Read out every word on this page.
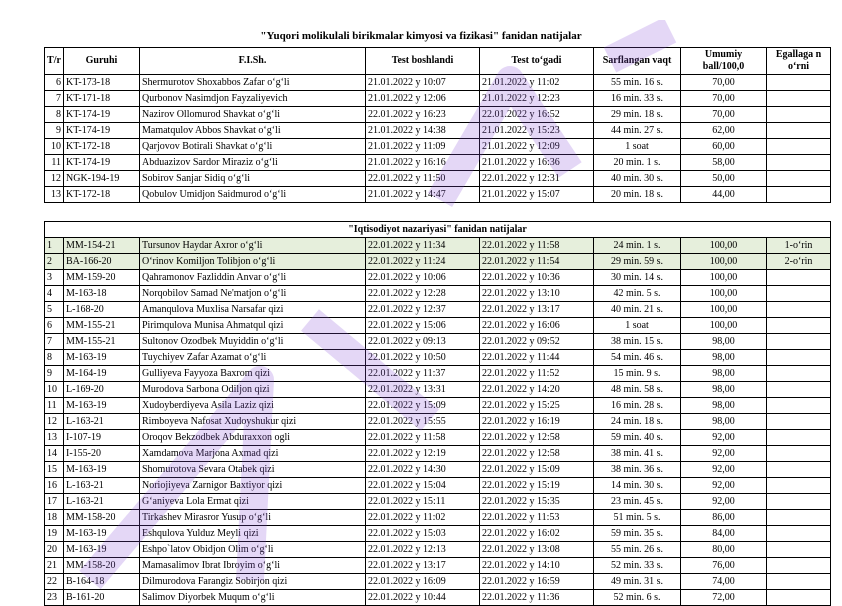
"Yuqori molikulali birikmalar kimyosi va fizikasi" fanidan natijalar
T/r	Guruhi	F.I.Sh.	Test boshlandi	Test to‘gadi	Sarflangan vaqt	Umumiy ball/100,0	Egallaga n o‘rni
6	KT-173-18	Shermurotov Shoxabbos Zafar o‘g‘li	21.01.2022 y 10:07	21.01.2022 y 11:02	55 min. 16 s.	70,00	
7	KT-171-18	Qurbonov Nasimdjon Fayzaliyevich	21.01.2022 y 12:06	21.01.2022 y 12:23	16 min. 33 s.	70,00	
8	KT-174-19	Nazirov Ollomurod Shavkat o‘g‘li	22.01.2022 y 16:23	22.01.2022 y 16:52	29 min. 18 s.	70,00	
9	KT-174-19	Mamatqulov Abbos Shavkat o‘g‘li	21.01.2022 y 14:38	21.01.2022 y 15:23	44 min. 27 s.	62,00	
10	KT-172-18	Qarjovov Botirali Shavkat o‘g‘li	21.01.2022 y 11:09	21.01.2022 y 12:09	1 soat	60,00	
11	KT-174-19	Abduazizov Sardor Miraziz o‘g‘li	21.01.2022 y 16:16	21.01.2022 y 16:36	20 min. 1 s.	58,00	
12	NGK-194-19	Sobirov Sanjar Sidiq o‘g‘li	22.01.2022 y 11:50	22.01.2022 y 12:31	40 min. 30 s.	50,00	
13	KT-172-18	Qobulov Umidjon Saidmurod o‘g‘li	21.01.2022 y 14:47	21.01.2022 y 15:07	20 min. 18 s.	44,00	
"Iqtisodiyot nazariyasi" fanidan natijalar							
1	MM-154-21	Tursunov Haydar Axror o‘g‘li	22.01.2022 y 11:34	22.01.2022 y 11:58	24 min. 1 s.	100,00	1-o‘rin
2	BA-166-20	O‘rinov Komiljon Tolibjon o‘g‘li	22.01.2022 y 11:24	22.01.2022 y 11:54	29 min. 59 s.	100,00	2-o‘rin
3	MM-159-20	Qahramonov Fazliddin Anvar o‘g‘li	22.01.2022 y 10:06	22.01.2022 y 10:36	30 min. 14 s.	100,00	
4	M-163-18	Norqobilov Samad Ne'matjon o‘g‘li	22.01.2022 y 12:28	22.01.2022 y 13:10	42 min. 5 s.	100,00	
5	L-168-20	Amanqulova Muxlisa Narsafar qizi	22.01.2022 y 12:37	22.01.2022 y 13:17	40 min. 21 s.	100,00	
6	MM-155-21	Pirimqulova Munisa Ahmatqul qizi	22.01.2022 y 15:06	22.01.2022 y 16:06	1 soat	100,00	
7	MM-155-21	Sultonov Ozodbek Muyiddin o‘g‘li	22.01.2022 y 09:13	22.01.2022 y 09:52	38 min. 15 s.	98,00	
8	M-163-19	Tuychiyev Zafar Azamat o‘g‘li	22.01.2022 y 10:50	22.01.2022 y 11:44	54 min. 46 s.	98,00	
9	M-164-19	Gulliyeva Fayyoza Baxrom qizi	22.01.2022 y 11:37	22.01.2022 y 11:52	15 min. 9 s.	98,00	
10	L-169-20	Murodova Sarbona Odiljon qizi	22.01.2022 y 13:31	22.01.2022 y 14:20	48 min. 58 s.	98,00	
11	M-163-19	Xudoyberdiyeva Asila Laziz qizi	22.01.2022 y 15:09	22.01.2022 y 15:25	16 min. 28 s.	98,00	
12	L-163-21	Rimboyeva Nafosat Xudoyshukur qizi	22.01.2022 y 15:55	22.01.2022 y 16:19	24 min. 18 s.	98,00	
13	I-107-19	Oroqov Bekzodbek Abduraxxon ogli	22.01.2022 y 11:58	22.01.2022 y 12:58	59 min. 40 s.	92,00	
14	I-155-20	Xamdamova Marjona Axmad qizi	22.01.2022 y 12:19	22.01.2022 y 12:58	38 min. 41 s.	92,00	
15	M-163-19	Shomurotova Sevara Otabek qizi	22.01.2022 y 14:30	22.01.2022 y 15:09	38 min. 36 s.	92,00	
16	L-163-21	Noriojiyeva Zarnigor Baxtiyor qizi	22.01.2022 y 15:04	22.01.2022 y 15:19	14 min. 30 s.	92,00	
17	L-163-21	G‘aniyeva Lola Ermat qizi	22.01.2022 y 15:11	22.01.2022 y 15:35	23 min. 45 s.	92,00	
18	MM-158-20	Tirkashev Mirasror Yusup o‘g‘li	22.01.2022 y 11:02	22.01.2022 y 11:53	51 min. 5 s.	86,00	
19	M-163-19	Eshqulova Yulduz Meyli qizi	22.01.2022 y 15:03	22.01.2022 y 16:02	59 min. 35 s.	84,00	
20	M-163-19	Eshpo`latov Obidjon Olim o‘g‘li	22.01.2022 y 12:13	22.01.2022 y 13:08	55 min. 26 s.	80,00	
21	MM-158-20	Mamasalimov Ibrat Ibroyim o‘g‘li	22.01.2022 y 13:17	22.01.2022 y 14:10	52 min. 33 s.	76,00	
22	B-164-18	Dilmurodova Farangiz Sobirjon qizi	22.01.2022 y 16:09	22.01.2022 y 16:59	49 min. 31 s.	74,00	
23	B-161-20	Salimov Diyorbek Muqum o‘g‘li	22.01.2022 y 10:44	22.01.2022 y 11:36	52 min. 6 s.	72,00	
